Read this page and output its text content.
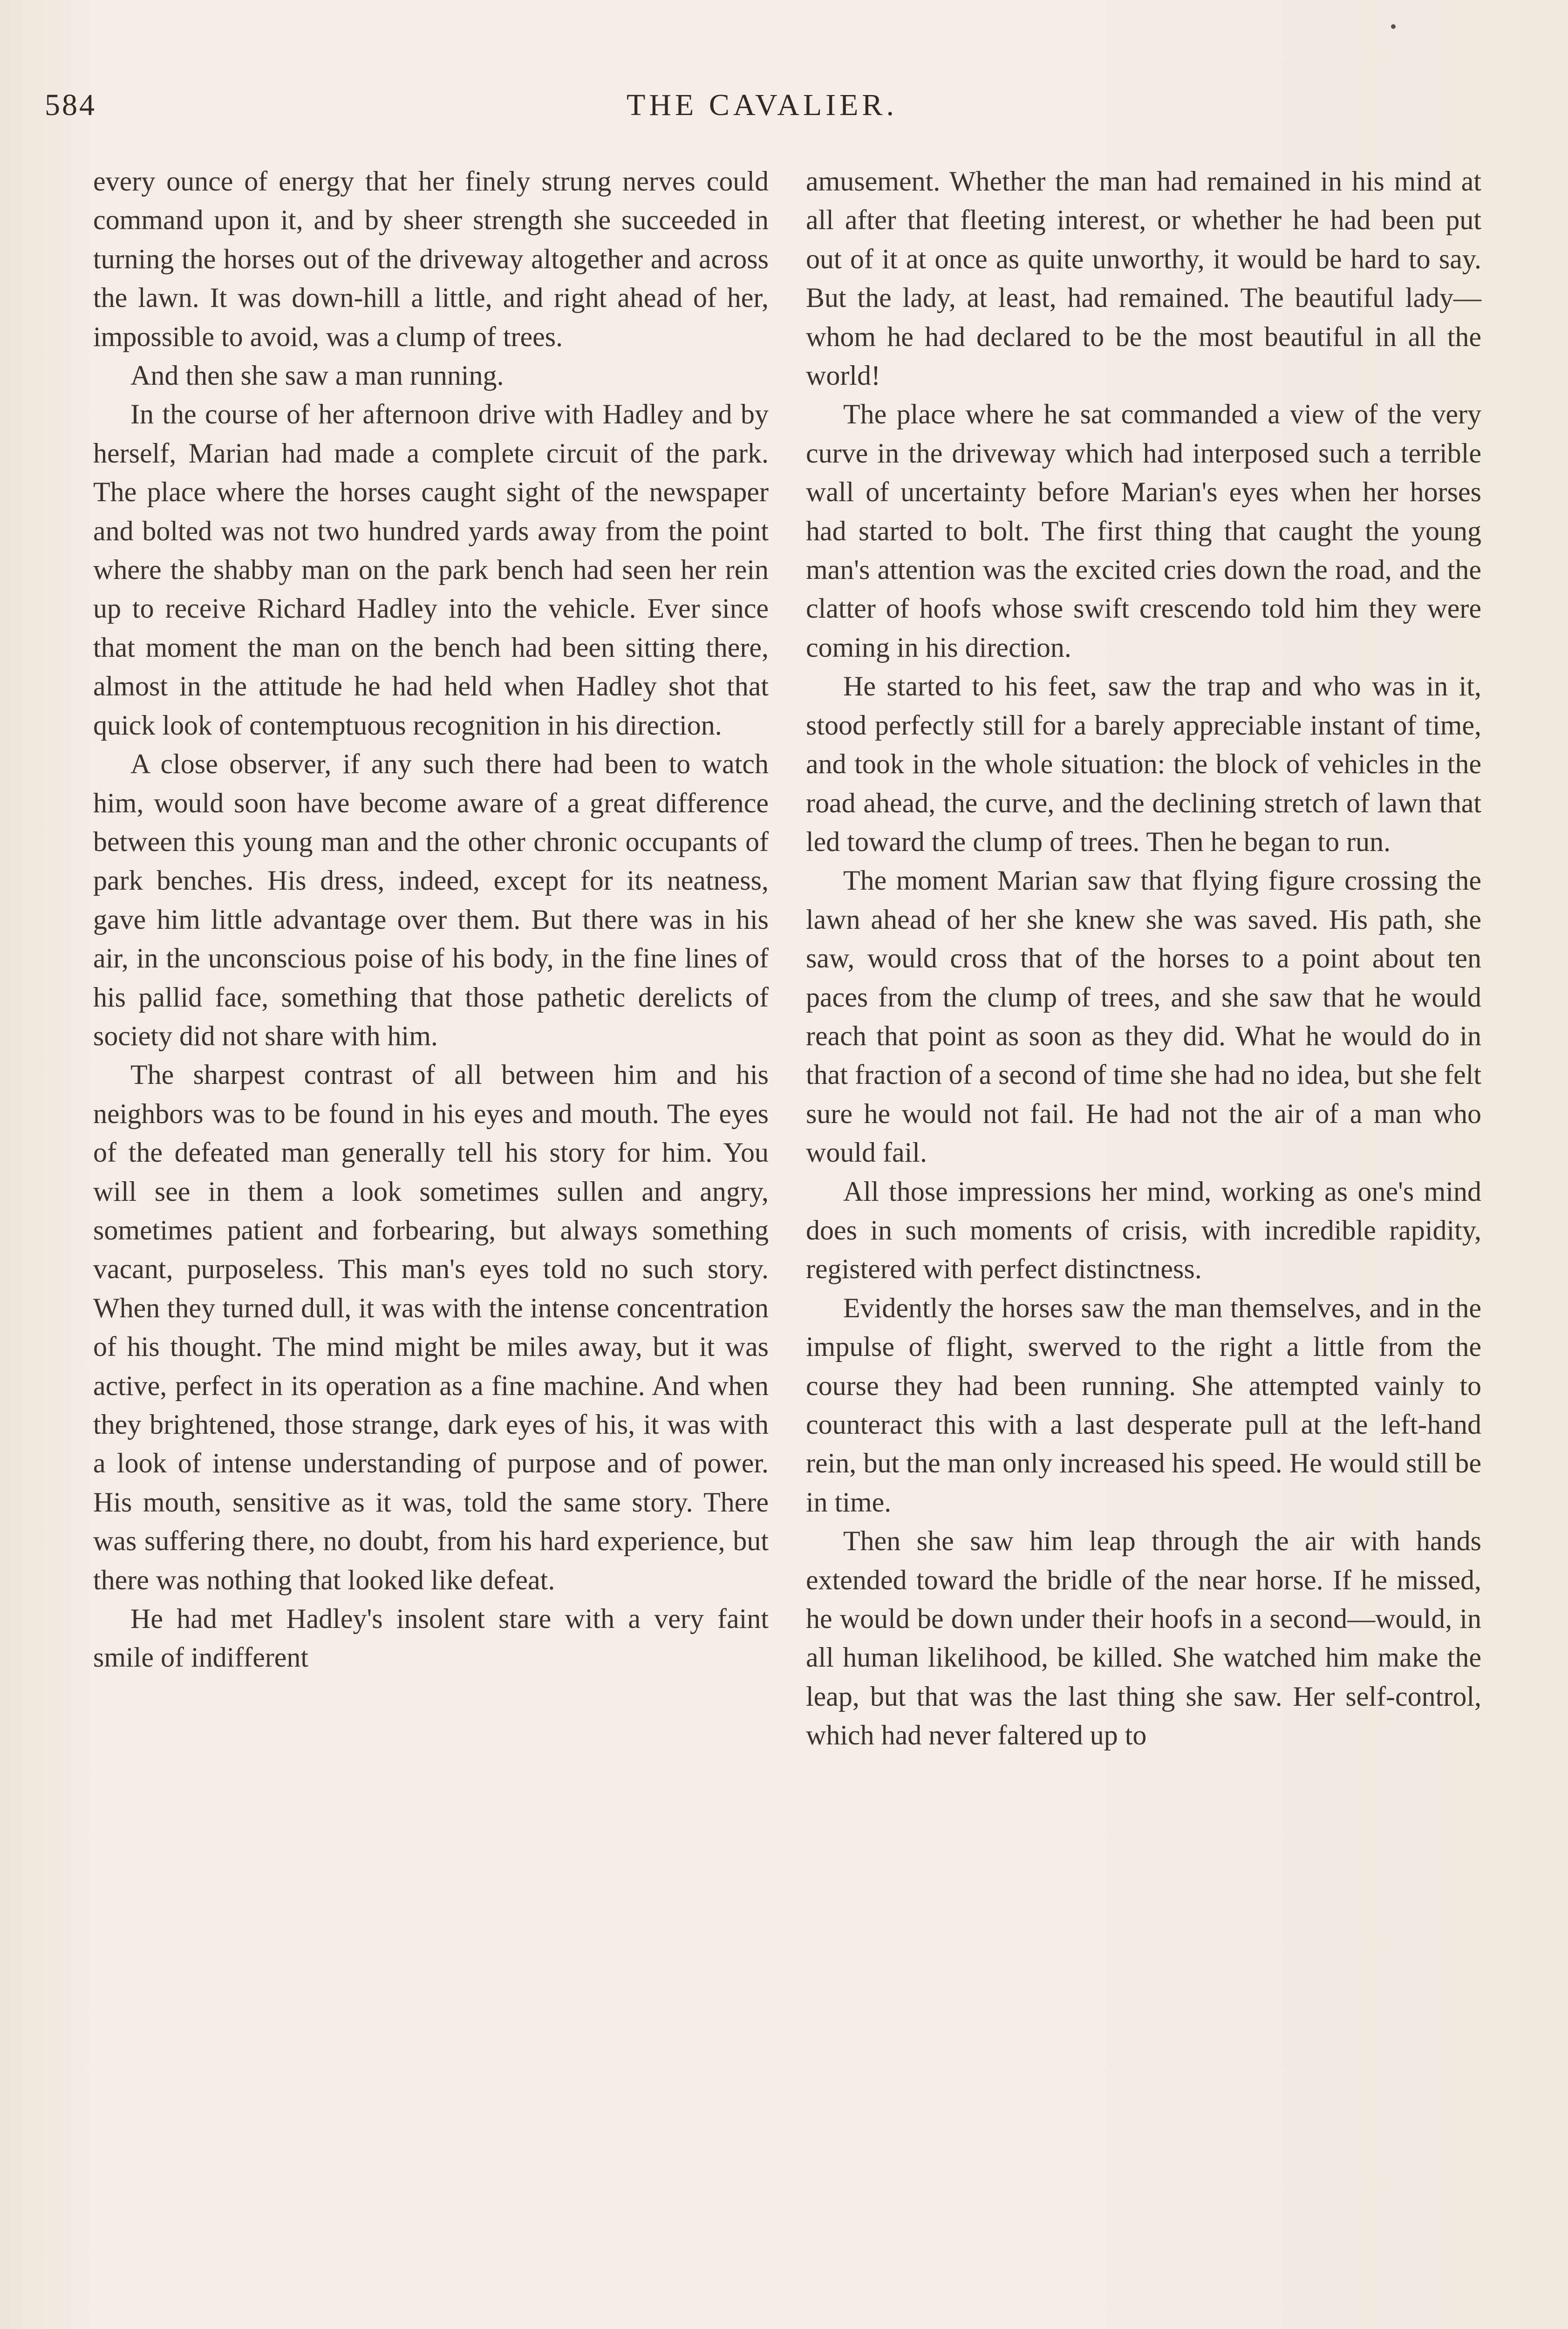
584	THE CAVALIER.

every ounce of energy that her finely strung nerves could command upon it, and by sheer strength she succeeded in turning the horses out of the driveway altogether and across the lawn. It was down-hill a little, and right ahead of her, impossible to avoid, was a clump of trees.

And then she saw a man running.

In the course of her afternoon drive with Hadley and by herself, Marian had made a complete circuit of the park. The place where the horses caught sight of the newspaper and bolted was not two hundred yards away from the point where the shabby man on the park bench had seen her rein up to receive Richard Hadley into the vehicle. Ever since that moment the man on the bench had been sitting there, almost in the attitude he had held when Hadley shot that quick look of contemptuous recognition in his direction.

A close observer, if any such there had been to watch him, would soon have become aware of a great difference between this young man and the other chronic occupants of park benches. His dress, indeed, except for its neatness, gave him little advantage over them. But there was in his air, in the unconscious poise of his body, in the fine lines of his pallid face, something that those pathetic derelicts of society did not share with him.

The sharpest contrast of all between him and his neighbors was to be found in his eyes and mouth. The eyes of the defeated man generally tell his story for him. You will see in them a look sometimes sullen and angry, sometimes patient and forbearing, but always something vacant, purposeless. This man's eyes told no such story. When they turned dull, it was with the intense concentration of his thought. The mind might be miles away, but it was active, perfect in its operation as a fine machine. And when they brightened, those strange, dark eyes of his, it was with a look of intense understanding of purpose and of power. His mouth, sensitive as it was, told the same story. There was suffering there, no doubt, from his hard experience, but there was nothing that looked like defeat.

He had met Hadley's insolent stare with a very faint smile of indifferent

amusement. Whether the man had remained in his mind at all after that fleeting interest, or whether he had been put out of it at once as quite unworthy, it would be hard to say. But the lady, at least, had remained. The beautiful lady—whom he had declared to be the most beautiful in all the world!

The place where he sat commanded a view of the very curve in the driveway which had interposed such a terrible wall of uncertainty before Marian's eyes when her horses had started to bolt. The first thing that caught the young man's attention was the excited cries down the road, and the clatter of hoofs whose swift crescendo told him they were coming in his direction.

He started to his feet, saw the trap and who was in it, stood perfectly still for a barely appreciable instant of time, and took in the whole situation: the block of vehicles in the road ahead, the curve, and the declining stretch of lawn that led toward the clump of trees. Then he began to run.

The moment Marian saw that flying figure crossing the lawn ahead of her she knew she was saved. His path, she saw, would cross that of the horses to a point about ten paces from the clump of trees, and she saw that he would reach that point as soon as they did. What he would do in that fraction of a second of time she had no idea, but she felt sure he would not fail. He had not the air of a man who would fail.

All those impressions her mind, working as one's mind does in such moments of crisis, with incredible rapidity, registered with perfect distinctness.

Evidently the horses saw the man themselves, and in the impulse of flight, swerved to the right a little from the course they had been running. She attempted vainly to counteract this with a last desperate pull at the left-hand rein, but the man only increased his speed. He would still be in time.

Then she saw him leap through the air with hands extended toward the bridle of the near horse. If he missed, he would be down under their hoofs in a second—would, in all human likelihood, be killed. She watched him make the leap, but that was the last thing she saw. Her self-control, which had never faltered up to
